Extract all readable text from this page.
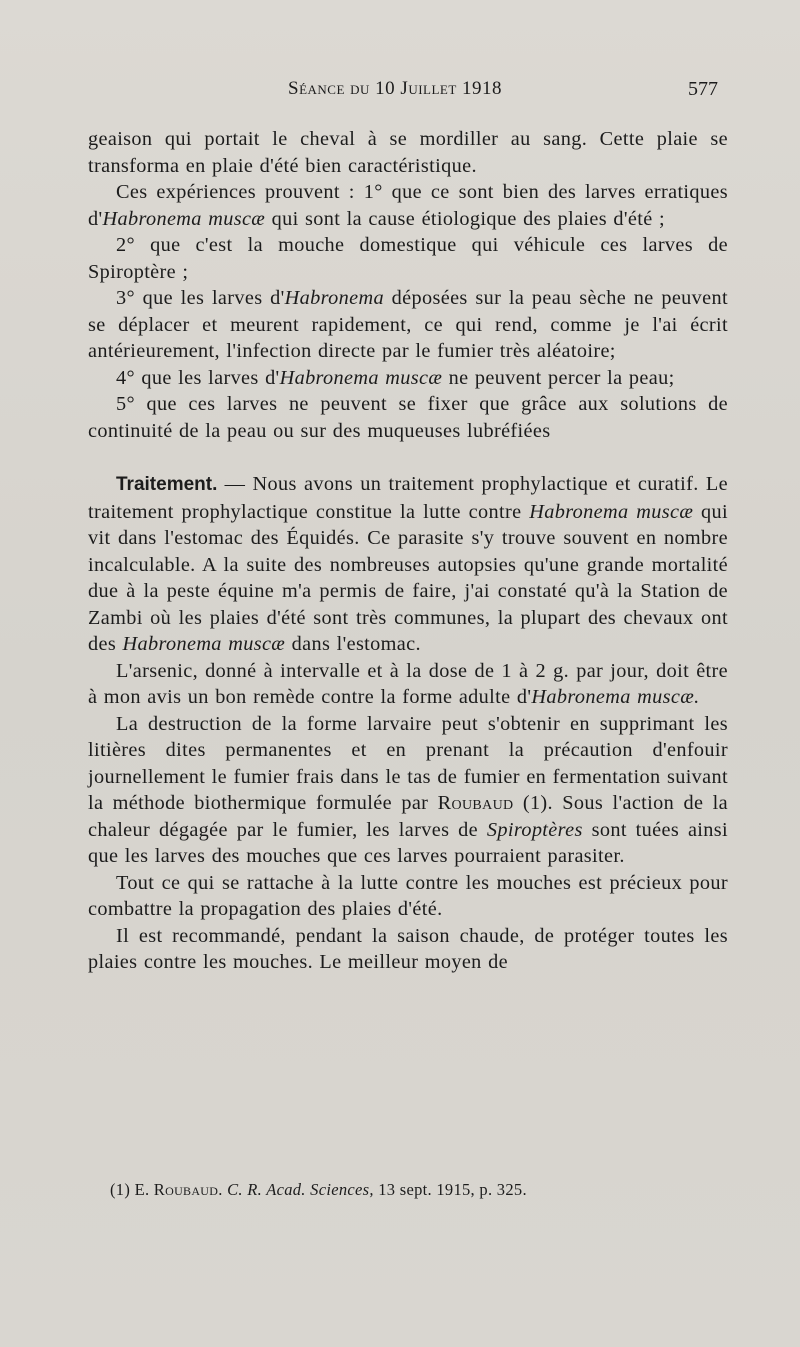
Séance du 10 Juillet 1918	577

geaison qui portait le cheval à se mordiller au sang. Cette plaie se transforma en plaie d'été bien caractéristique.

Ces expériences prouvent : 1° que ce sont bien des larves erratiques d'Habronema muscæ qui sont la cause étiologique des plaies d'été ;

2° que c'est la mouche domestique qui véhicule ces larves de Spiroptère ;

3° que les larves d'Habronema déposées sur la peau sèche ne peuvent se déplacer et meurent rapidement, ce qui rend, comme je l'ai écrit antérieurement, l'infection directe par le fumier très aléatoire;

4° que les larves d'Habronema muscæ ne peuvent percer la peau;

5° que ces larves ne peuvent se fixer que grâce aux solutions de continuité de la peau ou sur des muqueuses lubréfiées

Traitement. — Nous avons un traitement prophylactique et curatif. Le traitement prophylactique constitue la lutte contre Habronema muscæ qui vit dans l'estomac des Équidés. Ce parasite s'y trouve souvent en nombre incalculable. A la suite des nombreuses autopsies qu'une grande mortalité due à la peste équine m'a permis de faire, j'ai constaté qu'à la Station de Zambi où les plaies d'été sont très communes, la plupart des chevaux ont des Habronema muscæ dans l'estomac.

L'arsenic, donné à intervalle et à la dose de 1 à 2 g. par jour, doit être à mon avis un bon remède contre la forme adulte d'Habronema muscæ.

La destruction de la forme larvaire peut s'obtenir en supprimant les litières dites permanentes et en prenant la précaution d'enfouir journellement le fumier frais dans le tas de fumier en fermentation suivant la méthode biothermique formulée par Roubaud (1). Sous l'action de la chaleur dégagée par le fumier, les larves de Spiroptères sont tuées ainsi que les larves des mouches que ces larves pourraient parasiter.

Tout ce qui se rattache à la lutte contre les mouches est précieux pour combattre la propagation des plaies d'été.

Il est recommandé, pendant la saison chaude, de protéger toutes les plaies contre les mouches. Le meilleur moyen de

(1) E. Roubaud. C. R. Acad. Sciences, 13 sept. 1915, p. 325.
